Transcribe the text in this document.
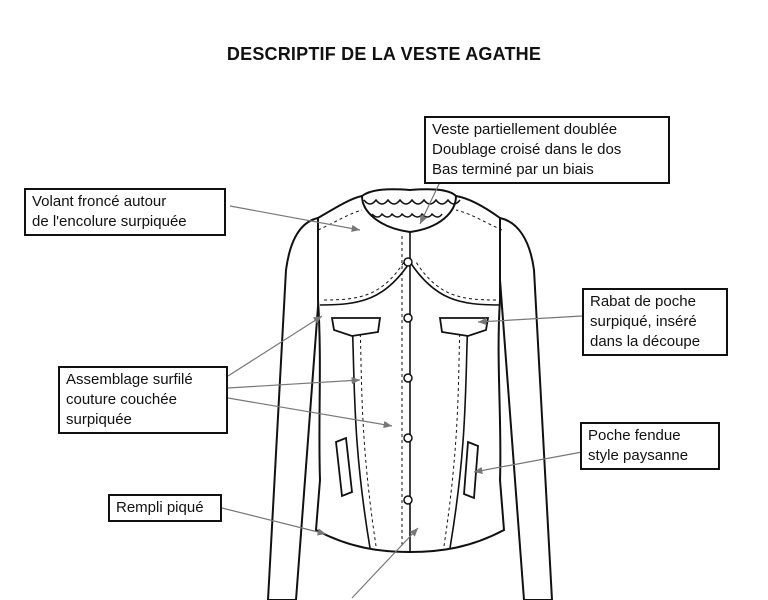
DESCRIPTIF DE LA VESTE AGATHE
Veste partiellement doublée
Doublage croisé dans le dos
Bas terminé par un biais
Volant froncé autour
de l'encolure surpiquée
Rabat de poche
surpiqué, inséré
dans la découpe
Assemblage surfilé
couture couchée
surpiquée
Poche fendue
style paysanne
Rempli piqué
